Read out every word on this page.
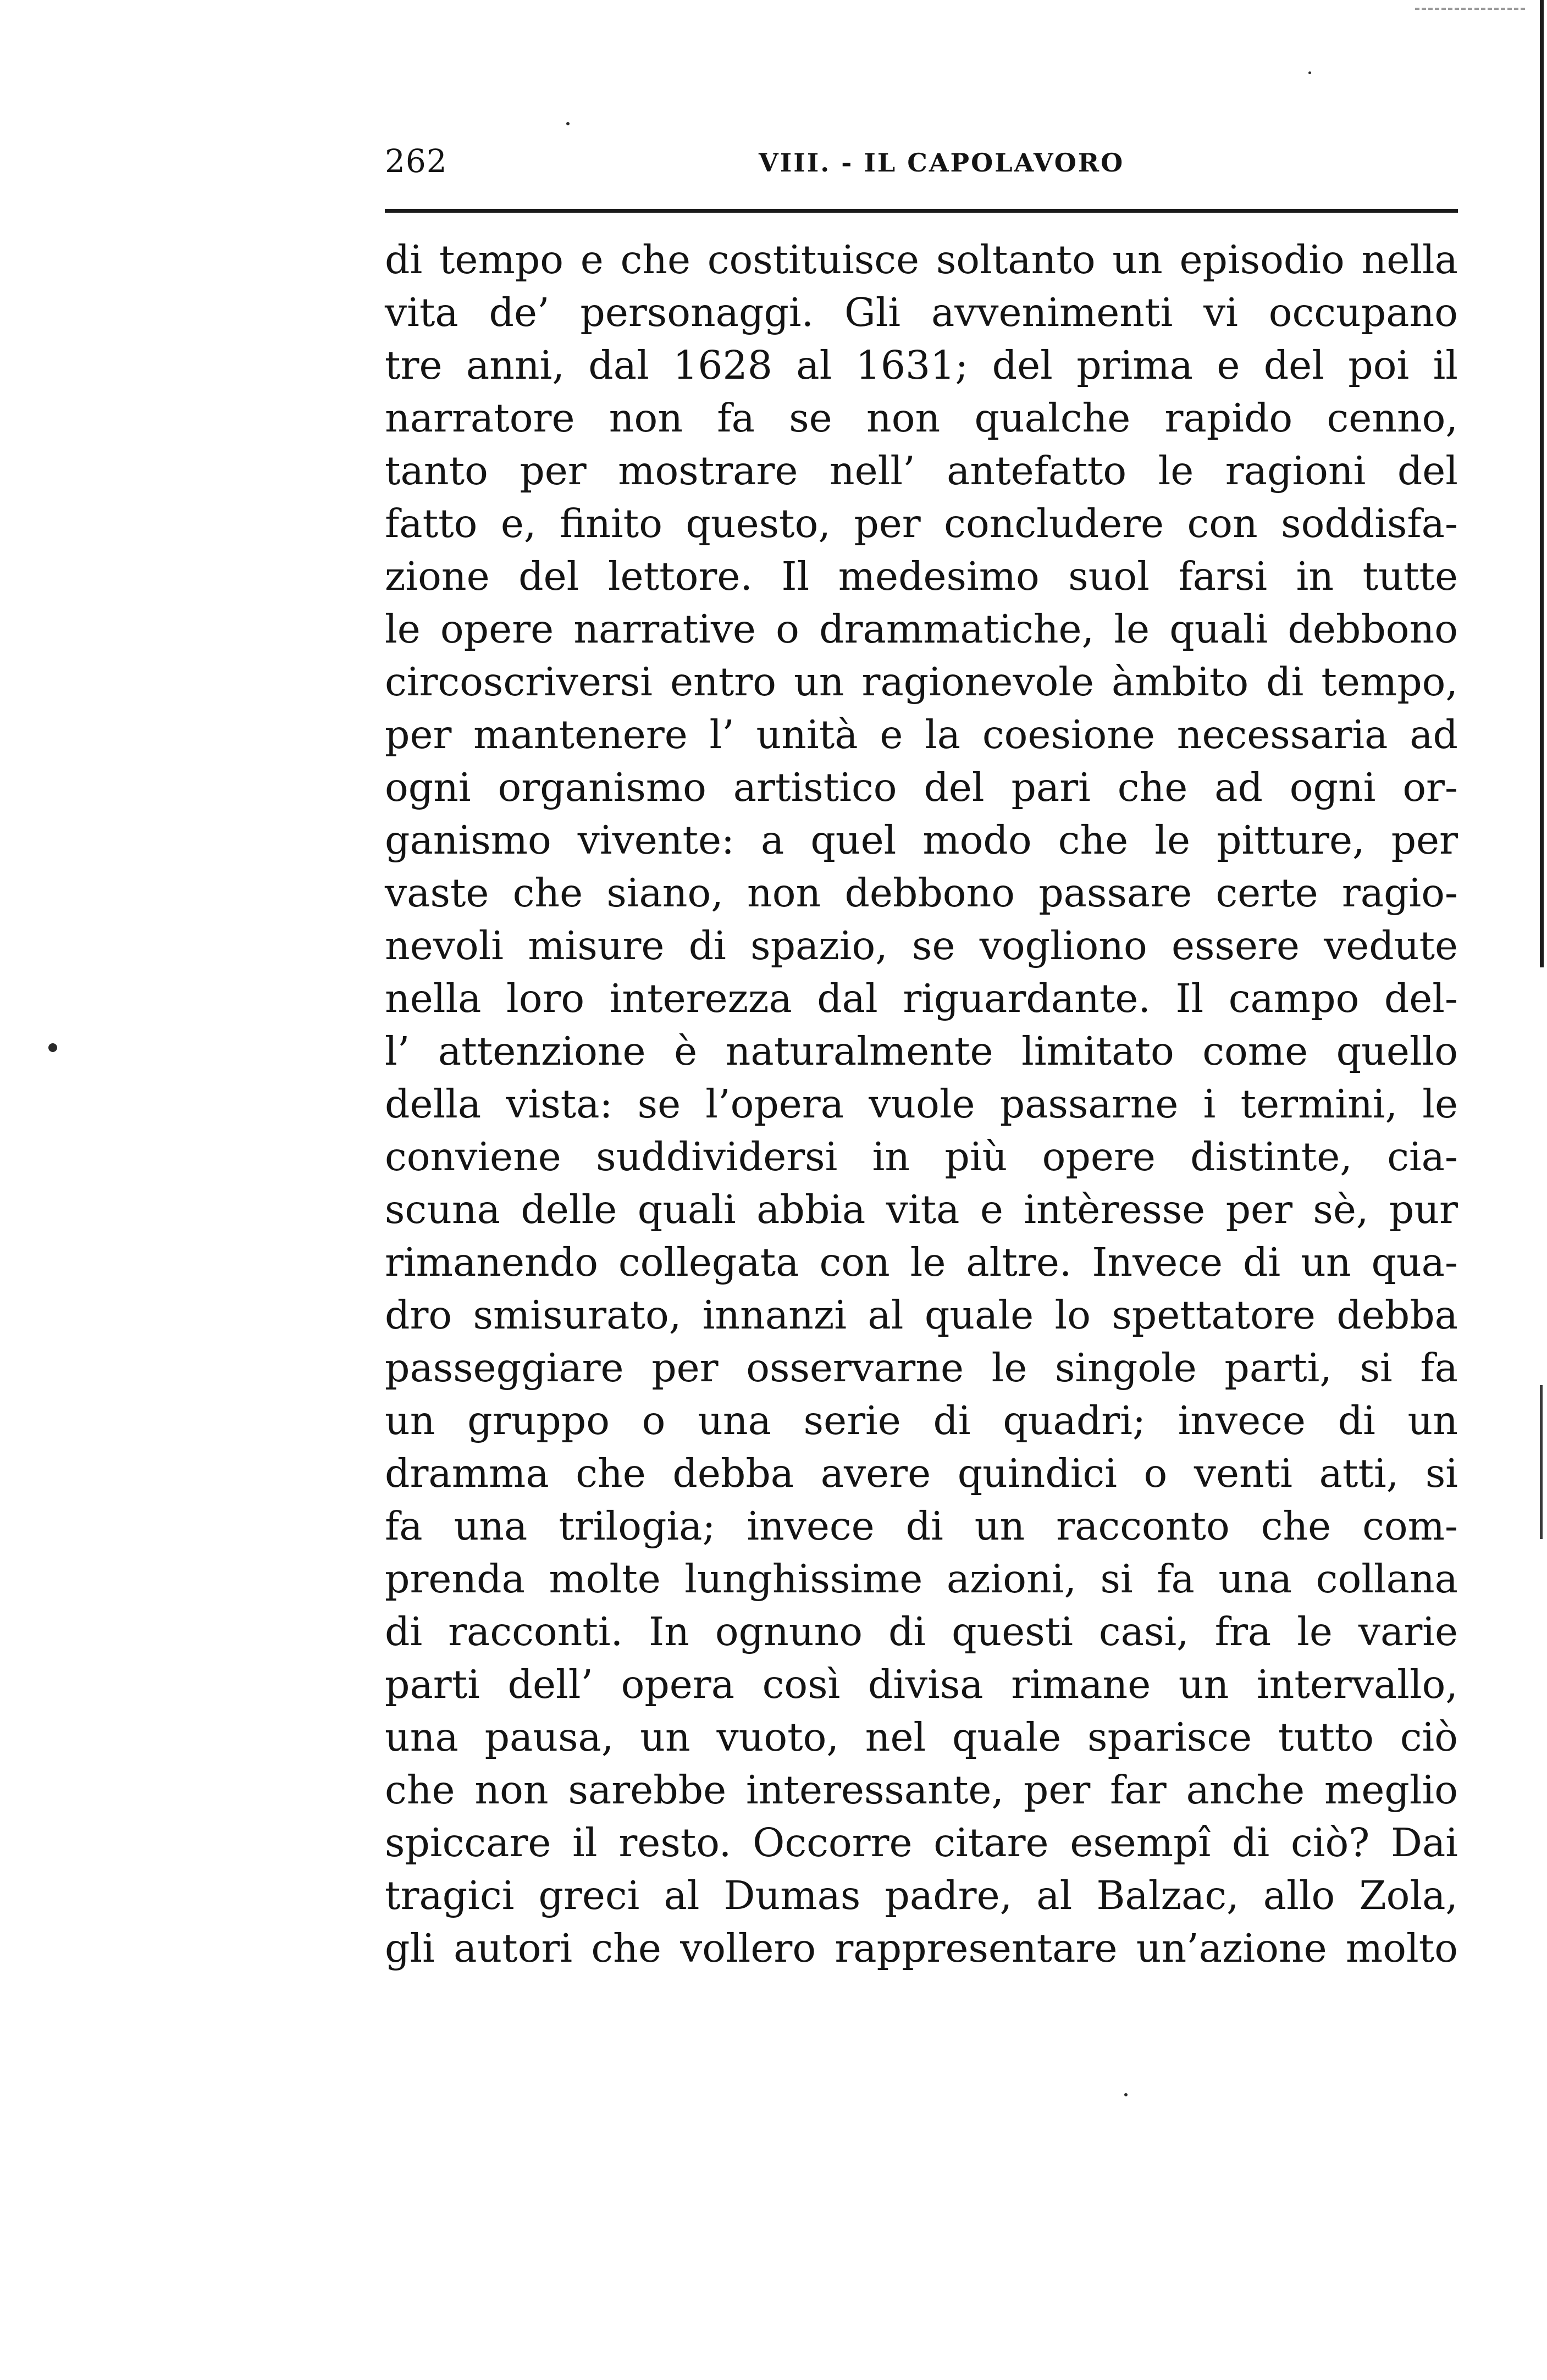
262	VIII. - IL CAPOLAVORO
di tempo e che costituisce soltanto un episodio nella
vita de’ personaggi. Gli avvenimenti vi occupano
tre anni, dal 1628 al 1631; del prima e del poi il
narratore non fa se non qualche rapido cenno,
tanto per mostrare nell’ antefatto le ragioni del
fatto e, finito questo, per concludere con soddisfa-
zione del lettore. Il medesimo suol farsi in tutte
le opere narrative o drammatiche, le quali debbono
circoscriversi entro un ragionevole àmbito di tempo,
per mantenere l’ unità e la coesione necessaria ad
ogni organismo artistico del pari che ad ogni or-
ganismo vivente: a quel modo che le pitture, per
vaste che siano, non debbono passare certe ragio-
nevoli misure di spazio, se vogliono essere vedute
nella loro interezza dal riguardante. Il campo del-
l’ attenzione è naturalmente limitato come quello
della vista: se l’opera vuole passarne i termini, le
conviene suddividersi in più opere distinte, cia-
scuna delle quali abbia vita e intèresse per sè, pur
rimanendo collegata con le altre. Invece di un qua-
dro smisurato, innanzi al quale lo spettatore debba
passeggiare per osservarne le singole parti, si fa
un gruppo o una serie di quadri; invece di un
dramma che debba avere quindici o venti atti, si
fa una trilogia; invece di un racconto che com-
prenda molte lunghissime azioni, si fa una collana
di racconti. In ognuno di questi casi, fra le varie
parti dell’ opera così divisa rimane un intervallo,
una pausa, un vuoto, nel quale sparisce tutto ciò
che non sarebbe interessante, per far anche meglio
spiccare il resto. Occorre citare esempî di ciò? Dai
tragici greci al Dumas padre, al Balzac, allo Zola,
gli autori che vollero rappresentare un’azione molto
